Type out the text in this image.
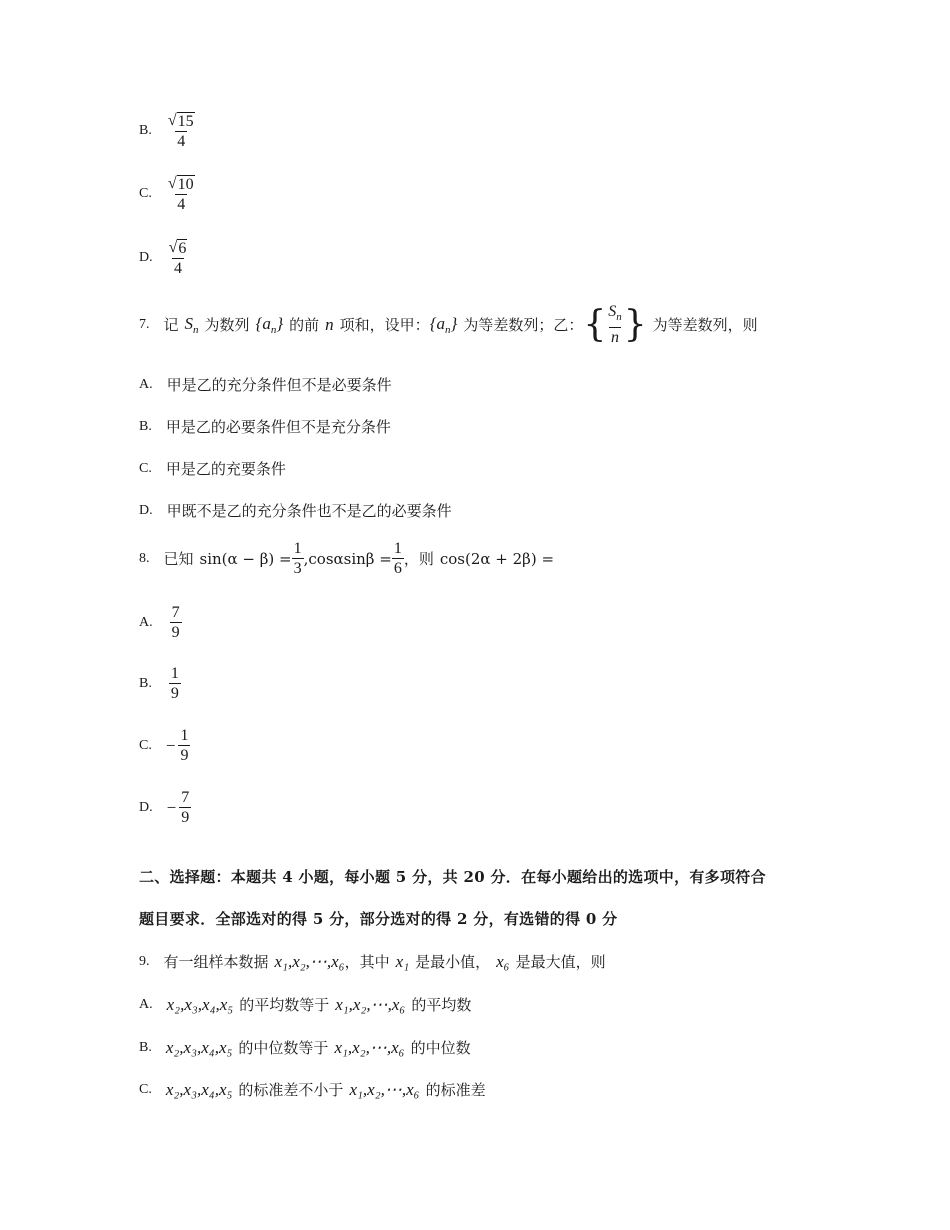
B. $\frac{√ 15}{4}$
C. $\frac{√ 10}{4}$
D. $\frac{√ 6}{4}$
7. 记 $S_n$ 为数列 $\{a_n\}$ 的前 n 项和，设甲： $\{a_n\}$ 为等差数列；乙： { $\frac{S_n}{n}$ } 为等差数列，则
A. 甲是乙的充分条件但不是必要条件
B. 甲是乙的必要条件但不是充分条件
C. 甲是乙的充要条件
D. 甲既不是乙的充分条件也不是乙的必要条件
8. 已知 $\sin(\alpha - \beta) = \frac{1}{3} ,\cos\alpha\sin\beta = \frac{1}{6}$ ，则 cos(2α + 2β) =
A. $\frac{7}{9}$
B. $\frac{1}{9}$
C. − $\frac{1}{9}$
D. − $\frac{7}{9}$
二、选择题：本题共 4 小题，每小题 5 分，共 20 分．在每小题给出的选项中，有多项符合
题目要求．全部选对的得 5 分，部分选对的得 2 分，有选错的得 0 分
9. 有一组样本数据 x₁,x₂,⋯,x₆ ，其中 x₁ 是最小值， x₆ 是最大值，则
A. x₂,x₃,x₄,x₅ 的平均数等于 x₁,x₂,⋯,x₆ 的平均数
B. x₂,x₃,x₄,x₅ 的中位数等于 x₁,x₂,⋯,x₆ 的中位数
C. x₂,x₃,x₄,x₅ 的标准差不小于 x₁,x₂,⋯,x₆ 的标准差
